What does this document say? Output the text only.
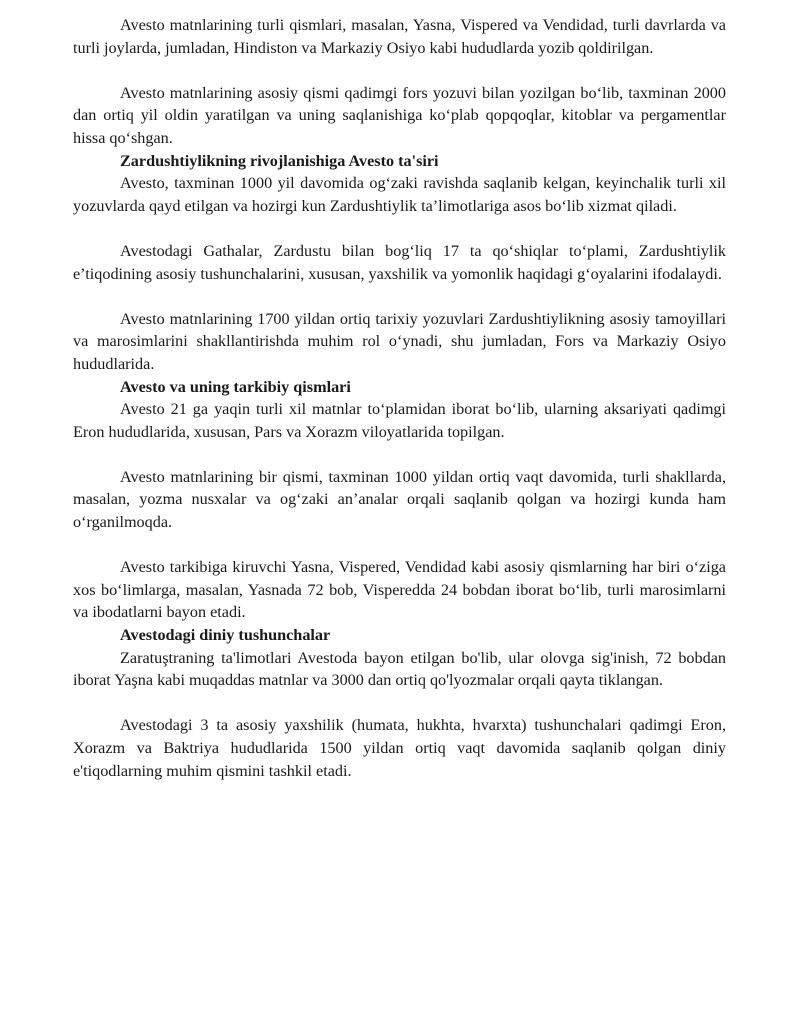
Avesto matnlarining turli qismlari, masalan, Yasna, Vispered va Vendidad, turli davrlarda va turli joylarda, jumladan, Hindiston va Markaziy Osiyo kabi hududlarda yozib qoldirilgan.

Avesto matnlarining asosiy qismi qadimgi fors yozuvi bilan yozilgan bo‘lib, taxminan 2000 dan ortiq yil oldin yaratilgan va uning saqlanishiga ko‘plab qopqoqlar, kitoblar va pergamentlar hissa qo‘shgan.

Zardushtiylikning rivojlanishiga Avesto ta'siri

Avesto, taxminan 1000 yil davomida og‘zaki ravishda saqlanib kelgan, keyinchalik turli xil yozuvlarda qayd etilgan va hozirgi kun Zardushtiylik ta’limotlariga asos bo‘lib xizmat qiladi.

Avestodagi Gathalar, Zardustu bilan bog‘liq 17 ta qo‘shiqlar to‘plami, Zardushtiylik e’tiqodining asosiy tushunchalarini, xususan, yaxshilik va yomonlik haqidagi g‘oyalarini ifodalaydi.

Avesto matnlarining 1700 yildan ortiq tarixiy yozuvlari Zardushtiylikning asosiy tamoyillari va marosimlarini shakllantirishda muhim rol o‘ynadi, shu jumladan, Fors va Markaziy Osiyo hududlarida.

Avesto va uning tarkibiy qismlari

Avesto 21 ga yaqin turli xil matnlar to‘plamidan iborat bo‘lib, ularning aksariyati qadimgi Eron hududlarida, xususan, Pars va Xorazm viloyatlarida topilgan.

Avesto matnlarining bir qismi, taxminan 1000 yildan ortiq vaqt davomida, turli shakllarda, masalan, yozma nusxalar va og‘zaki an’analar orqali saqlanib qolgan va hozirgi kunda ham o‘rganilmoqda.

Avesto tarkibiga kiruvchi Yasna, Vispered, Vendidad kabi asosiy qismlarning har biri o‘ziga xos bo‘limlarga, masalan, Yasnada 72 bob, Visperedda 24 bobdan iborat bo‘lib, turli marosimlarni va ibodatlarni bayon etadi.

Avestodagi diniy tushunchalar

Zaratuştraning ta'limotlari Avestoda bayon etilgan bo'lib, ular olovga sig'inish, 72 bobdan iborat Yaşna kabi muqaddas matnlar va 3000 dan ortiq qo'lyozmalar orqali qayta tiklangan.

Avestodagi 3 ta asosiy yaxshilik (humata, hukhta, hvarxta) tushunchalari qadimgi Eron, Xorazm va Baktriya hududlarida 1500 yildan ortiq vaqt davomida saqlanib qolgan diniy e'tiqodlarning muhim qismini tashkil etadi.
